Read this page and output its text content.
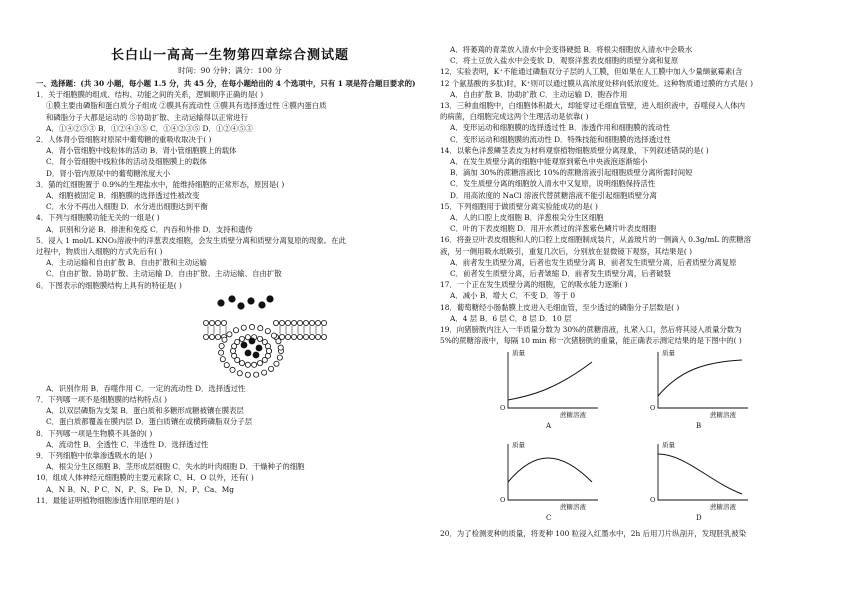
长白山一高高一生物第四章综合测试题
时间：90 分钟；满分：100 分
一、选择题：(共 30 小题，每小题 1.5 分，共 45 分，在每小题给出的 4 个选项中，只有 1 项是符合题目要求的)
1．关于细胞膜的组成、结构、功能之间的关系，逻辑顺序正确的是( )
①膜主要由磷脂和蛋白质分子组成 ②膜具有流动性 ③膜具有选择透过性 ④膜内蛋白质
和磷脂分子大都是运动的 ⑤协助扩散、主动运输得以正常进行
A．①④②⑤③ B．①②④③⑤ C．①④②③⑤ D．①②④⑤③
2．人体肾小管细胞对原尿中葡萄糖的重吸收取决于( )
A．肾小管细胞中线粒体的活动 B．肾小管细胞膜上的载体
C．肾小管细胞中线粒体的活动及细胞膜上的载体
D．肾小管内原尿中的葡萄糖浓度大小
3．猫的红细胞置于 0.9%的生理盐水中，能维持细胞的正常形态，原因是( )
A．细胞被固定 B．细胞膜的选择透过性被改变
C．水分不再出入细胞 D．水分进出细胞达到平衡
4．下列与细胞膜功能无关的一组是( )
A．识别和分泌 B．排泄和免疫 C．内吞和外排 D．支持和遗传
5．浸入 1 mol/L KNO₃溶液中的洋葱表皮细胞，会发生质壁分离和质壁分离复原的现象。在此
过程中，物质出入细胞的方式先后有( )
A．主动运输和自由扩散 B．自由扩散和主动运输
C．自由扩散、协助扩散、主动运输 D．自由扩散、主动运输、自由扩散
6．下图表示的细胞膜结构上具有的特征是( )
A．识别作用 B．吞噬作用 C．一定的流动性 D．选择透过性
7．下列哪一项不是细胞膜的结构特点( )
A．以双层磷脂为支架 B．蛋白质和多糖形成糖被镶在膜表层
C．蛋白质都覆盖在膜内层 D．蛋白质镶在或横跨磷脂双分子层
8．下列哪一项是生物膜不具备的( )
A．流动性 B．全透性 C．半透性 D．选择透过性
9．下列细胞中依靠渗透吸水的是( )
A．根尖分生区细胞 B．茎形成层细胞 C．失水的叶肉细胞 D．干燥种子的细胞
10．组成人体神经元细胞膜的主要元素除 C、H、O 以外，还有( )
A．N B．N、P C．N、P、S、Fe D．N、P、Ca、Mg
11．最能证明植物细胞渗透作用原理的是( )
A．将萎蔫的青菜放入清水中会变得硬挺 B．将根尖细胞放入清水中会吸水
C．将土豆放入盐水中会变软 D．观察洋葱表皮细胞的质壁分离和复原
12．实验表明，K⁺不能通过磷脂双分子层的人工膜，但如果在人工膜中加入少量缬氨霉素(含
12 个氨基酸的多肽)时，K⁺则可以通过膜从高浓度处移向低浓度处。这种物质通过膜的方式是( )
A．自由扩散 B．协助扩散 C．主动运输 D．胞吞作用
13．三种血细胞中，白细胞体积最大，却能穿过毛细血管壁，进入组织液中，吞噬侵入人体内
的病菌，白细胞完成这两个生理活动是依靠( )
A．变形运动和细胞膜的选择透过性 B．渗透作用和细胞膜的流动性
C．变形运动和细胞膜的流动性 D．特殊技能和细胞膜的选择透过性
14．以紫色洋葱鳞茎表皮为材料观察植物细胞质壁分离现象，下列叙述错误的是( )
A．在发生质壁分离的细胞中能观察到紫色中央液泡逐渐缩小
B．滴加 30%的蔗糖溶液比 10%的蔗糖溶液引起细胞质壁分离所需时间短
C．发生质壁分离的细胞放入清水中又复原，说明细胞保持活性
D．用高浓度的 NaCl 溶液代替蔗糖溶液不能引起细胞质壁分离
15．下列细胞用于做质壁分离实验能成功的是( )
A．人的口腔上皮细胞 B．洋葱根尖分生区细胞
C．叶的下表皮细胞 D．用开水煮过的洋葱紫色鳞片叶表皮细胞
16．将蚕豆叶表皮细胞和人的口腔上皮细胞制成装片，从盖玻片的一侧滴入 0.3g/mL 的蔗糖溶
液，另一侧用吸水纸吸引，重复几次后，分别放在显微镜下观察，其结果是( )
A．前者发生质壁分离，后者也发生质壁分离 B．前者发生质壁分离，后者质壁分离复原
C．前者发生质壁分离，后者皱缩 D．前者发生质壁分离，后者破裂
17．一个正在发生质壁分离的细胞，它的吸水能力逐渐( )
A．减小 B．增大 C．不变 D．等于 0
18．葡萄糖经小肠黏膜上皮进入毛细血管，至少透过的磷脂分子层数是( )
A．4 层 B．6 层 C．8 层 D．10 层
19．向猪膀胱内注入一半质量分数为 30%的蔗糖溶液，扎紧入口，然后将其浸入质量分数为
5%的蔗糖溶液中，每隔 10 min 称一次猪膀胱的重量，能正确表示测定结果的是下图中的( )
质量
O
蔗糖溶液
A
质量
O
蔗糖溶液
B
质量
O
蔗糖溶液
C
质量
O
蔗糖溶液
D
20．为了检测麦种的质量，将麦种 100 粒浸入红墨水中，2h 后用刀片纵剖开，发现胚乳被染
